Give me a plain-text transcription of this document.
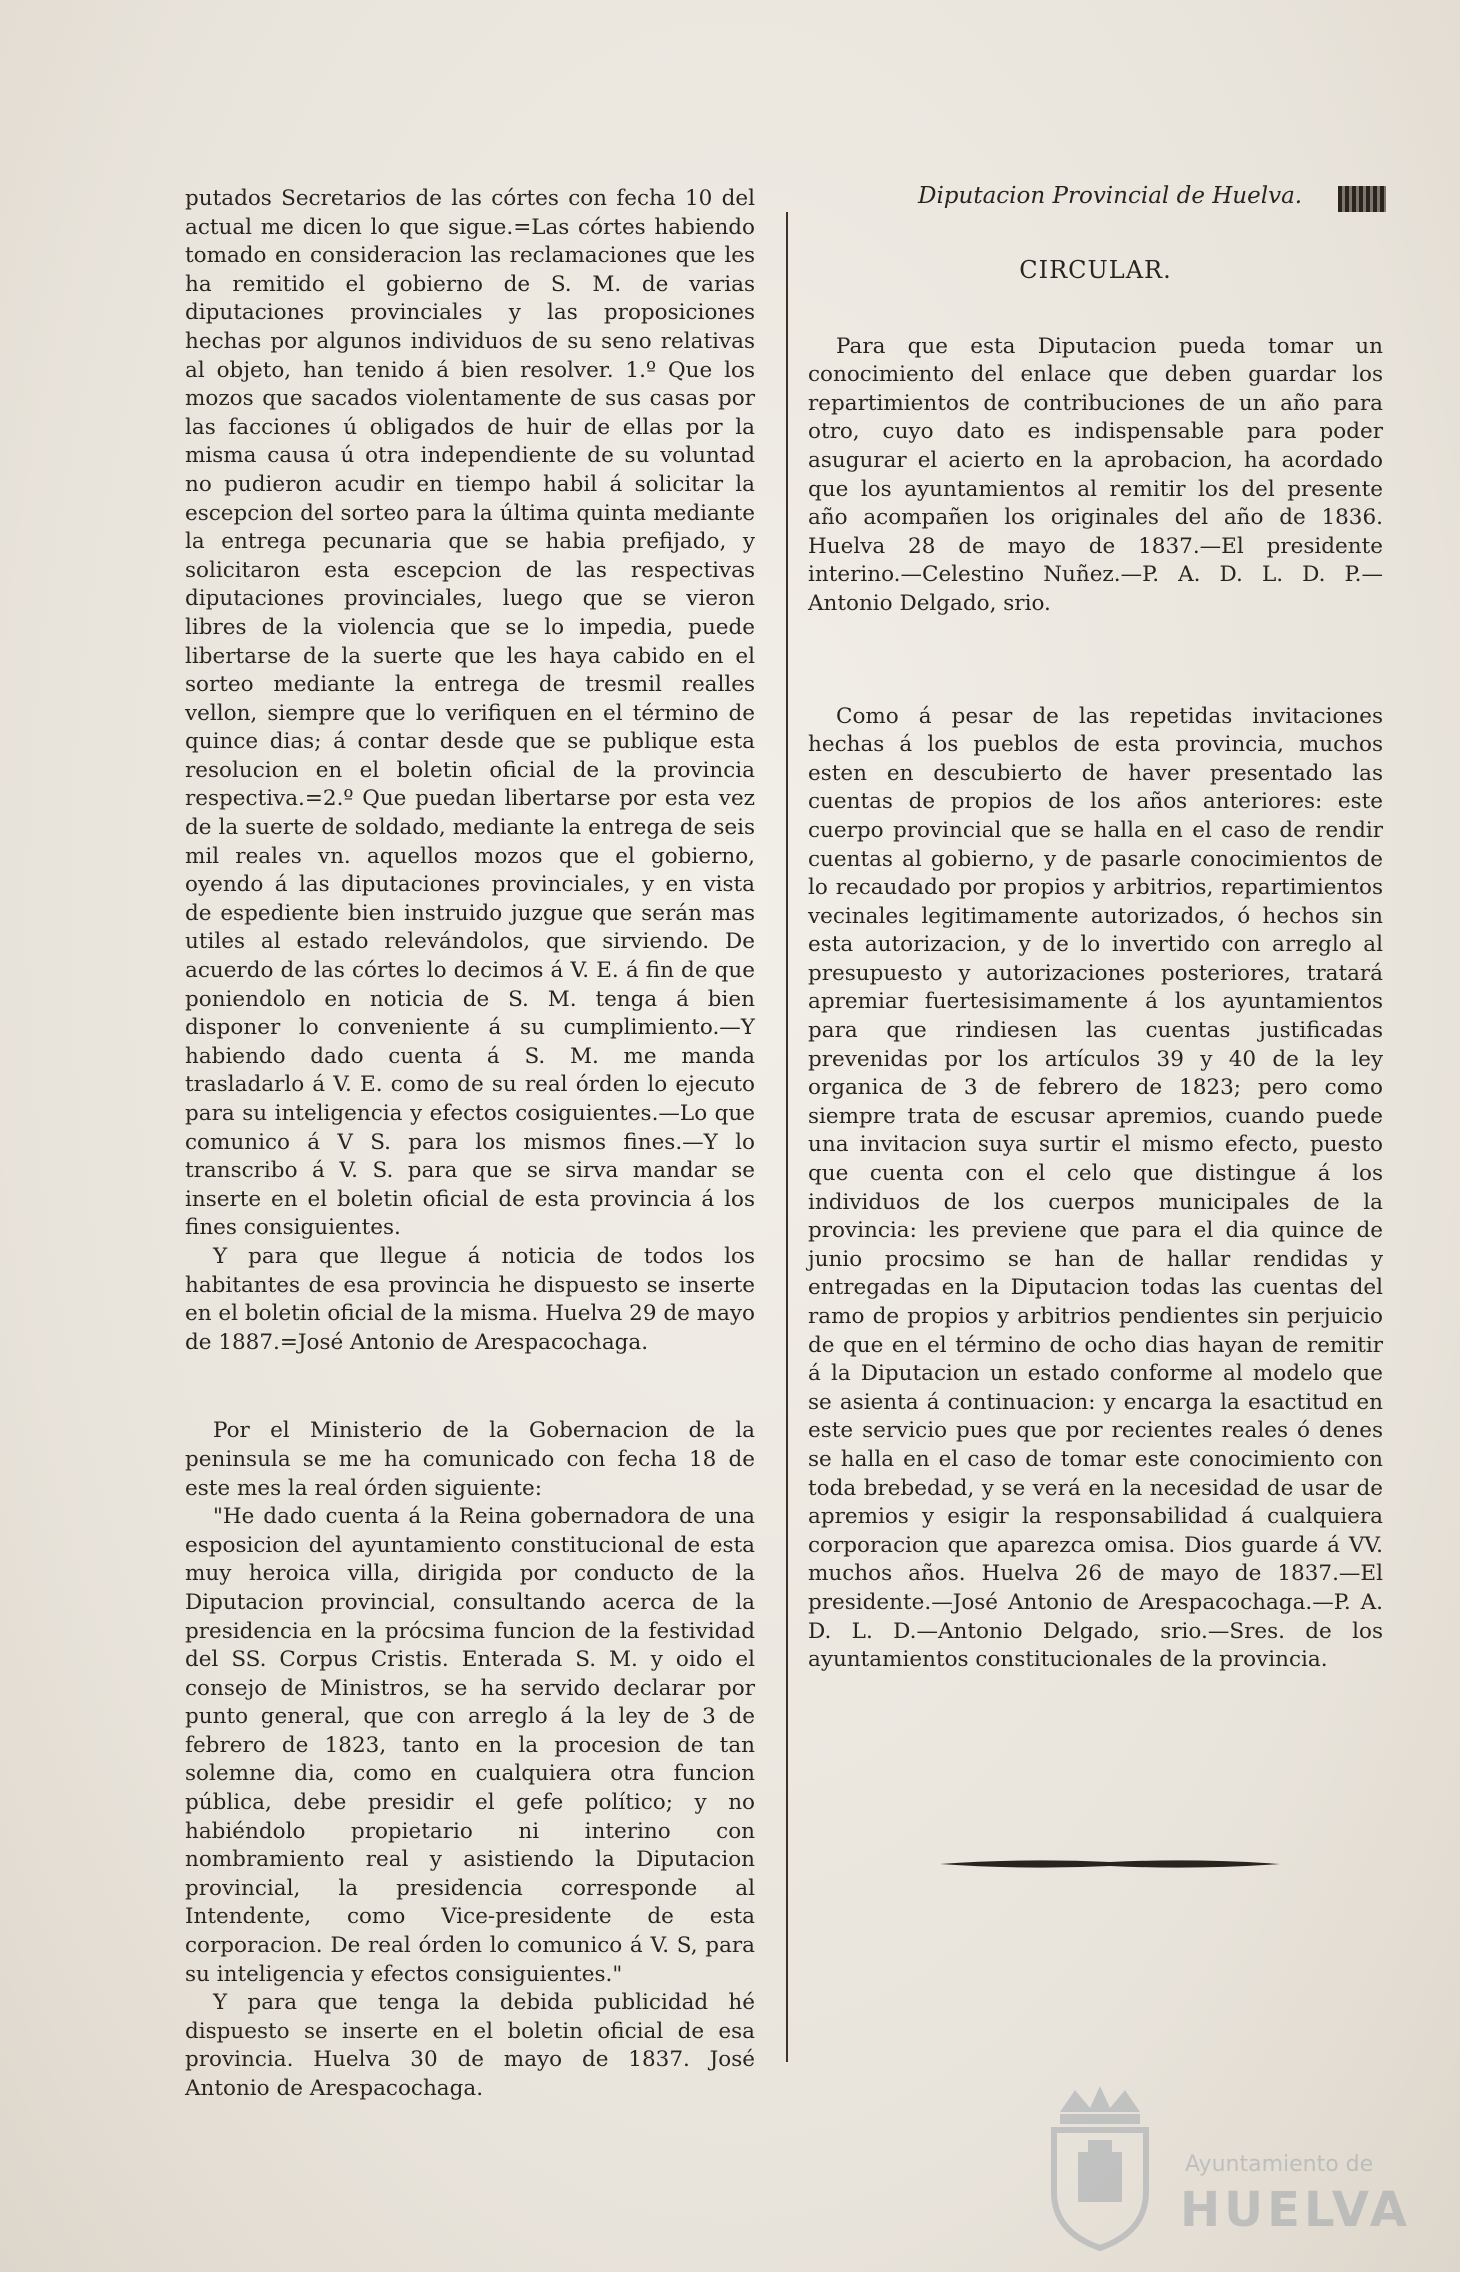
putados Secretarios de las córtes con fecha 10 del actual me dicen lo que sigue.=Las córtes habiendo tomado en consideracion las reclamaciones que les ha remitido el gobierno de S. M. de varias diputaciones provinciales y las proposiciones hechas por algunos individuos de su seno relativas al objeto, han tenido á bien resolver. 1.º Que los mozos que sacados violentamente de sus casas por las facciones ú obligados de huir de ellas por la misma causa ú otra independiente de su voluntad no pudieron acudir en tiempo habil á solicitar la escepcion del sorteo para la última quinta mediante la entrega pecunaria que se habia prefijado, y solicitaron esta escepcion de las respectivas diputaciones provinciales, luego que se vieron libres de la violencia que se lo impedia, puede libertarse de la suerte que les haya cabido en el sorteo mediante la entrega de tresmil realles vellon, siempre que lo verifiquen en el término de quince dias; á contar desde que se publique esta resolucion en el boletin oficial de la provincia respectiva.=2.º Que puedan libertarse por esta vez de la suerte de soldado, mediante la entrega de seis mil reales vn. aquellos mozos que el gobierno, oyendo á las diputaciones provinciales, y en vista de espediente bien instruido juzgue que serán mas utiles al estado relevándolos, que sirviendo. De acuerdo de las córtes lo decimos á V. E. á fin de que poniendolo en noticia de S. M. tenga á bien disponer lo conveniente á su cumplimiento.—Y habiendo dado cuenta á S. M. me manda trasladarlo á V. E. como de su real órden lo ejecuto para su inteligencia y efectos cosiguientes.—Lo que comunico á V S. para los mismos fines.—Y lo transcribo á V. S. para que se sirva mandar se inserte en el boletin oficial de esta provincia á los fines consiguientes.

Y para que llegue á noticia de todos los habitantes de esa provincia he dispuesto se inserte en el boletin oficial de la misma. Huelva 29 de mayo de 1887.=José Antonio de Arespacochaga.

Por el Ministerio de la Gobernacion de la peninsula se me ha comunicado con fecha 18 de este mes la real órden siguiente:

"He dado cuenta á la Reina gobernadora de una esposicion del ayuntamiento constitucional de esta muy heroica villa, dirigida por conducto de la Diputacion provincial, consultando acerca de la presidencia en la prócsima funcion de la festividad del SS. Corpus Cristis. Enterada S. M. y oido el consejo de Ministros, se ha servido declarar por punto general, que con arreglo á la ley de 3 de febrero de 1823, tanto en la procesion de tan solemne dia, como en cualquiera otra funcion pública, debe presidir el gefe político; y no habiéndolo propietario ni interino con nombramiento real y asistiendo la Diputacion provincial, la presidencia corresponde al Intendente, como Vice-presidente de esta corporacion. De real órden lo comunico á V. S, para su inteligencia y efectos consiguientes."

Y para que tenga la debida publicidad hé dispuesto se inserte en el boletin oficial de esa provincia. Huelva 30 de mayo de 1837. José Antonio de Arespacochaga.

Diputacion Provincial de Huelva.
CIRCULAR.

Para que esta Diputacion pueda tomar un conocimiento del enlace que deben guardar los repartimientos de contribuciones de un año para otro, cuyo dato es indispensable para poder asugurar el acierto en la aprobacion, ha acordado que los ayuntamientos al remitir los del presente año acompañen los originales del año de 1836. Huelva 28 de mayo de 1837.—El presidente interino.—Celestino Nuñez.—P. A. D. L. D. P.—Antonio Delgado, srio.

Como á pesar de las repetidas invitaciones hechas á los pueblos de esta provincia, muchos esten en descubierto de haver presentado las cuentas de propios de los años anteriores: este cuerpo provincial que se halla en el caso de rendir cuentas al gobierno, y de pasarle conocimientos de lo recaudado por propios y arbitrios, repartimientos vecinales legitimamente autorizados, ó hechos sin esta autorizacion, y de lo invertido con arreglo al presupuesto y autorizaciones posteriores, tratará apremiar fuertesisimamente á los ayuntamientos para que rindiesen las cuentas justificadas prevenidas por los artículos 39 y 40 de la ley organica de 3 de febrero de 1823; pero como siempre trata de escusar apremios, cuando puede una invitacion suya surtir el mismo efecto, puesto que cuenta con el celo que distingue á los individuos de los cuerpos municipales de la provincia: les previene que para el dia quince de junio procsimo se han de hallar rendidas y entregadas en la Diputacion todas las cuentas del ramo de propios y arbitrios pendientes sin perjuicio de que en el término de ocho dias hayan de remitir á la Diputacion un estado conforme al modelo que se asienta á continuacion: y encarga la esactitud en este servicio pues que por recientes reales ó denes se halla en el caso de tomar este conocimiento con toda brebedad, y se verá en la necesidad de usar de apremios y esigir la responsabilidad á cualquiera corporacion que aparezca omisa. Dios guarde á VV. muchos años. Huelva 26 de mayo de 1837.—El presidente.—José Antonio de Arespacochaga.—P. A. D. L. D.—Antonio Delgado, srio.—Sres. de los ayuntamientos constitucionales de la provincia.

Ayuntamiento de
HUELVA
